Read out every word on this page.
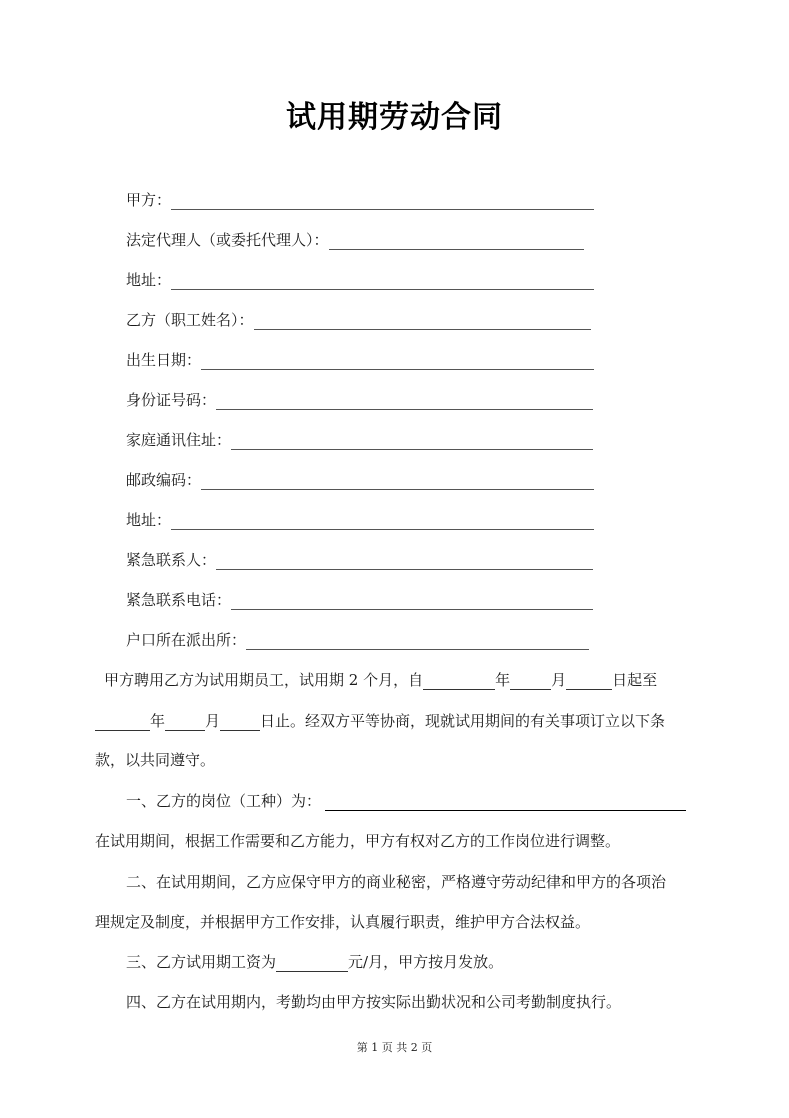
试用期劳动合同
甲方：
法定代理人（或委托代理人）：
地址：
乙方（职工姓名）：
出生日期：
身份证号码：
家庭通讯住址：
邮政编码：
地址：
紧急联系人：
紧急联系电话：
户口所在派出所：
甲方聘用乙方为试用期员工，试用期 2 个月，自	年	月	日起至
年	月	日止。经双方平等协商，现就试用期间的有关事项订立以下条
款，以共同遵守。
一、乙方的岗位（工种）为：
在试用期间，根据工作需要和乙方能力，甲方有权对乙方的工作岗位进行调整。
二、在试用期间，乙方应保守甲方的商业秘密，严格遵守劳动纪律和甲方的各项治
理规定及制度，并根据甲方工作安排，认真履行职责，维护甲方合法权益。
三、乙方试用期工资为	元/月，甲方按月发放。
四、乙方在试用期内，考勤均由甲方按实际出勤状况和公司考勤制度执行。
第 1 页 共 2 页
